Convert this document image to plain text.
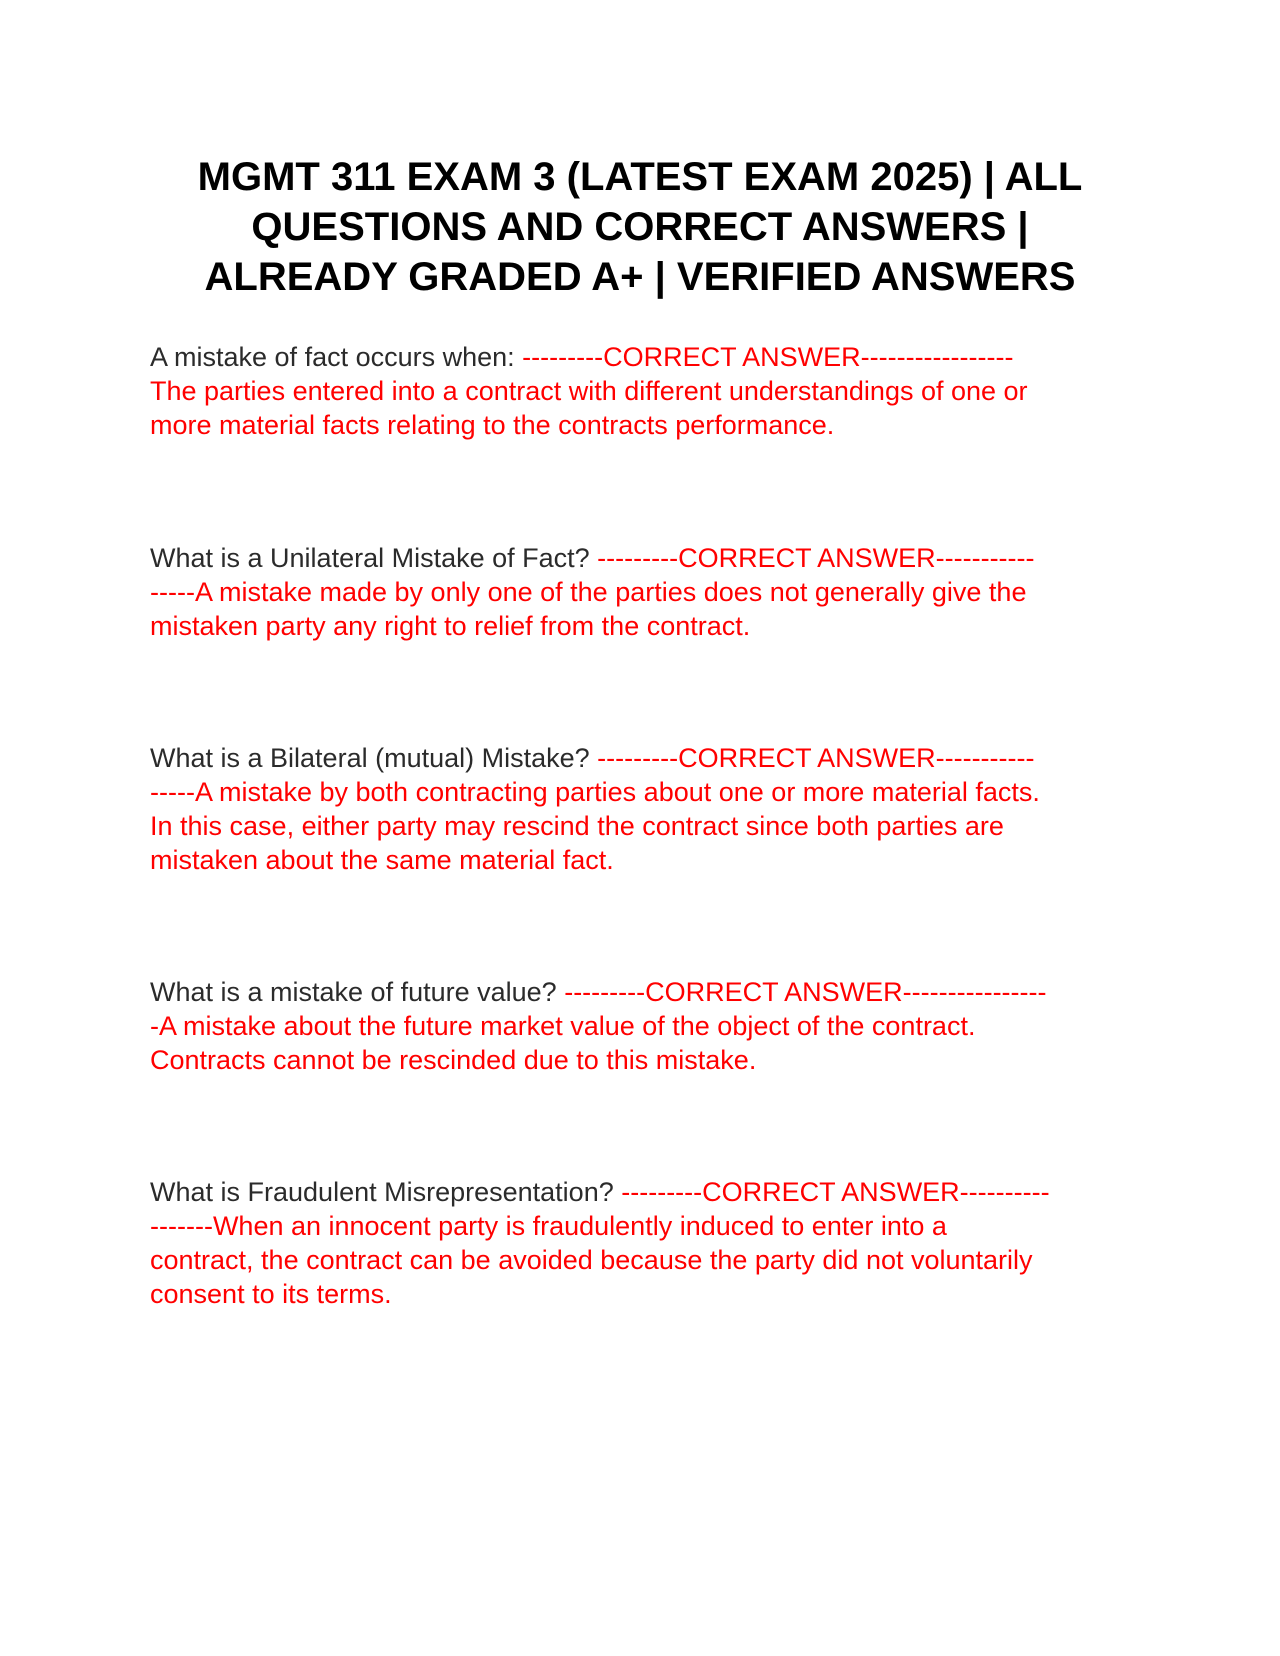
MGMT 311 EXAM 3 (LATEST EXAM 2025) | ALL
QUESTIONS AND CORRECT ANSWERS |
ALREADY GRADED A+ | VERIFIED ANSWERS
A mistake of fact occurs when: ---------CORRECT ANSWER-----------------
The parties entered into a contract with different understandings of one or
more material facts relating to the contracts performance.
What is a Unilateral Mistake of Fact? ---------CORRECT ANSWER-----------
-----A mistake made by only one of the parties does not generally give the
mistaken party any right to relief from the contract.
What is a Bilateral (mutual) Mistake? ---------CORRECT ANSWER-----------
-----A mistake by both contracting parties about one or more material facts.
In this case, either party may rescind the contract since both parties are
mistaken about the same material fact.
What is a mistake of future value? ---------CORRECT ANSWER----------------
-A mistake about the future market value of the object of the contract.
Contracts cannot be rescinded due to this mistake.
What is Fraudulent Misrepresentation? ---------CORRECT ANSWER----------
-------When an innocent party is fraudulently induced to enter into a
contract, the contract can be avoided because the party did not voluntarily
consent to its terms.
